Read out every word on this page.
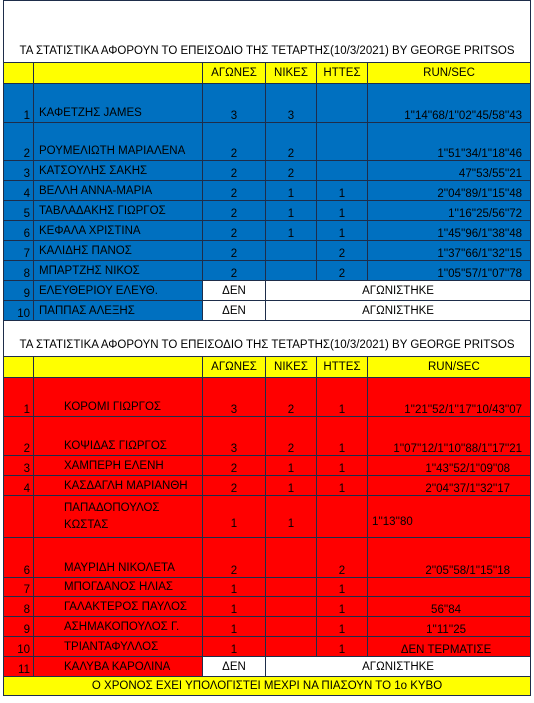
ΤΑ ΣΤΑΤΙΣΤΙΚΑ ΑΦΟΡΟΥΝ ΤΟ ΕΠΕΙΣΟΔΙΟ ΤΗΣ ΤΕΤΑΡΤΗΣ(10/3/2021) BY GEORGE PRITSOS					
		ΑΓΩΝΕΣ	ΝΙΚΕΣ	ΗΤΤΕΣ	RUN/SEC
1	ΚΑΦΕΤΖΗΣ JAMES	3	3		1''14''68/1''02''45/58''43
2	ΡΟΥΜΕΛΙΩΤΗ ΜΑΡΙΑΛΕΝΑ	2	2		1''51''34/1''18''46
3	ΚΑΤΣΟΥΛΗΣ ΣΑΚΗΣ	2	2		47''53/55''21
4	ΒΕΛΛΗ ΑΝΝΑ-ΜΑΡΙΑ	2	1	1	2''04''89/1''15''48
5	ΤΑΒΛΑΔΑΚΗΣ ΓΙΩΡΓΟΣ	2	1	1	1''16''25/56''72
6	ΚΕΦΑΛΑ ΧΡΙΣΤΙΝΑ	2	1	1	1''45''96/1''38''48
7	ΚΑΛΙΔΗΣ ΠΑΝΟΣ	2		2	1''37''66/1''32''15
8	ΜΠΑΡΤΖΗΣ ΝΙΚΟΣ	2		2	1''05''57/1''07''78
9	ΕΛΕΥΘΕΡΙΟΥ ΕΛΕΥΘ.	ΔΕΝ	ΑΓΩΝΙΣΤΗΚΕ		
10	ΠΑΠΠΑΣ ΑΛΕΞΗΣ	ΔΕΝ	ΑΓΩΝΙΣΤΗΚΕ		
ΤΑ ΣΤΑΤΙΣΤΙΚΑ ΑΦΟΡΟΥΝ ΤΟ ΕΠΕΙΣΟΔΙΟ ΤΗΣ ΤΕΤΑΡΤΗΣ(10/3/2021) BY GEORGE PRITSOS					
		ΑΓΩΝΕΣ	ΝΙΚΕΣ	ΗΤΤΕΣ	RUN/SEC
1	ΚΟΡΟΜΙ ΓΙΩΡΓΟΣ	3	2	1	1''21''52/1''17''10/43''07
2	ΚΟΨΙΔΑΣ ΓΙΩΡΓΟΣ	3	2	1	1''07''12/1''10''88/1''17''21
3	ΧΑΜΠΕΡΗ ΕΛΕΝΗ	2	1	1	1''43''52/1''09''08
4	ΚΑΣΔΑΓΛΗ ΜΑΡΙΑΝΘΗ	2	1	1	2''04''37/1''32''17
	ΠΑΠΑΔΟΠΟΥΛΟΣ ΚΩΣΤΑΣ	1	1		1''13''80
6	ΜΑΥΡΙΔΗ ΝΙΚΟΛΕΤΑ	2		2	2''05''58/1''15''18
7	ΜΠΟΓΔΑΝΟΣ ΗΛΙΑΣ	1		1	
8	ΓΑΛΑΚΤΕΡΟΣ ΠΑΥΛΟΣ	1		1	56''84
9	ΑΣΗΜΑΚΟΠΟΥΛΟΣ Γ.	1		1	1''11''25
10	ΤΡΙΑΝΤΑΦΥΛΛΟΣ	1		1	ΔΕΝ ΤΕΡΜΑΤΙΣΕ
11	ΚΑΛΥΒΑ ΚΑΡΟΛΙΝΑ	ΔΕΝ	ΑΓΩΝΙΣΤΗΚΕ		
Ο ΧΡΟΝΟΣ ΕΧΕΙ ΥΠΟΛΟΓΙΣΤΕΙ ΜΕΧΡΙ ΝΑ ΠΙΑΣΟΥΝ ΤΟ 1ο ΚΥΒΟ					
